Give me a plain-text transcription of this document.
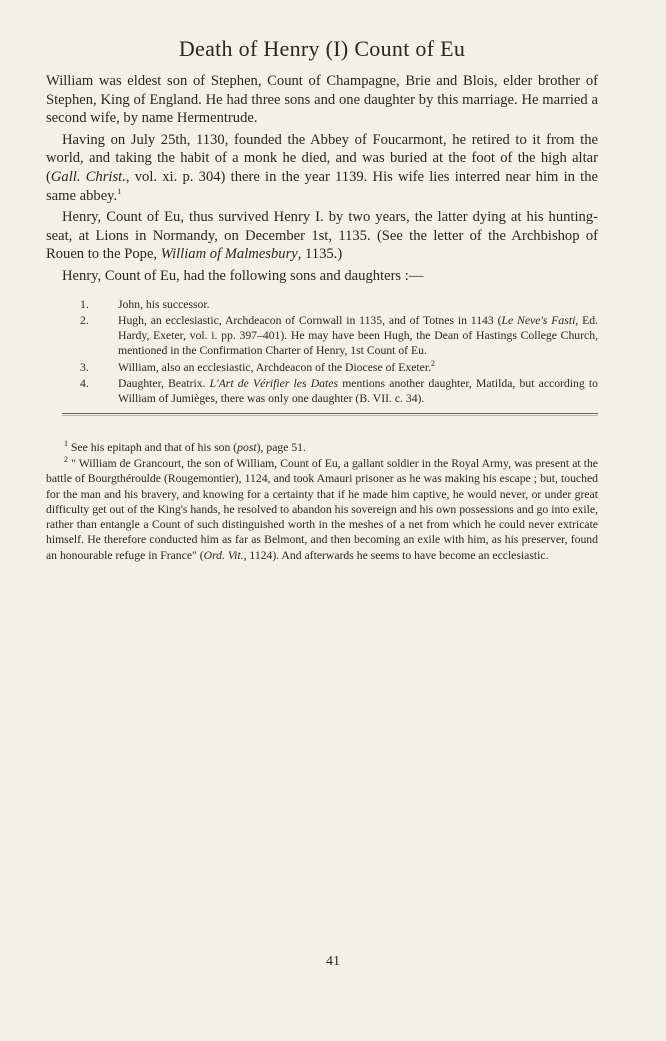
Death of Henry (I) Count of Eu

William was eldest son of Stephen, Count of Champagne, Brie and Blois, elder brother of Stephen, King of England. He had three sons and one daughter by this marriage. He married a second wife, by name Hermentrude.

Having on July 25th, 1130, founded the Abbey of Foucarmont, he retired to it from the world, and taking the habit of a monk he died, and was buried at the foot of the high altar (Gall. Christ., vol. xi. p. 304) there in the year 1139. His wife lies interred near him in the same abbey.$^1$

Henry, Count of Eu, thus survived Henry I. by two years, the latter dying at his hunting-seat, at Lions in Normandy, on December 1st, 1135. (See the letter of the Archbishop of Rouen to the Pope, William of Malmesbury, 1135.)

Henry, Count of Eu, had the following sons and daughters :—

1. John, his successor.
2. Hugh, an ecclesiastic, Archdeacon of Cornwall in 1135, and of Totnes in 1143 (Le Neve's Fasti, Ed. Hardy, Exeter, vol. i. pp. 397–401). He may have been Hugh, the Dean of Hastings College Church, mentioned in the Confirmation Charter of Henry, 1st Count of Eu.
3. William, also an ecclesiastic, Archdeacon of the Diocese of Exeter.$^2$
4. Daughter, Beatrix. L'Art de Vérifier les Dates mentions another daughter, Matilda, but according to William of Jumièges, there was only one daughter (B. VII. c. 34).

$^1$ See his epitaph and that of his son (post), page 51.

$^2$ " William de Grancourt, the son of William, Count of Eu, a gallant soldier in the Royal Army, was present at the battle of Bourgthéroulde (Rougemontier), 1124, and took Amauri prisoner as he was making his escape ; but, touched for the man and his bravery, and knowing for a certainty that if he made him captive, he would never, or under great difficulty get out of the King's hands, he resolved to abandon his sovereign and his own possessions and go into exile, rather than entangle a Count of such distinguished worth in the meshes of a net from which he could never extricate himself. He therefore conducted him as far as Belmont, and then becoming an exile with him, as his preserver, found an honourable refuge in France" (Ord. Vit., 1124). And afterwards he seems to have become an ecclesiastic.

41
